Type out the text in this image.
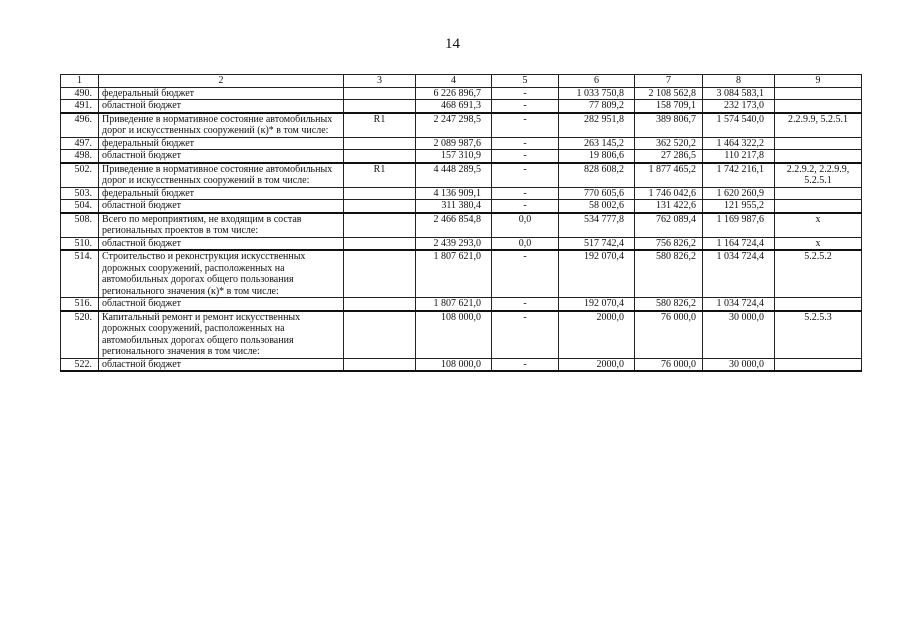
14
1	2	3	4	5	6	7	8	9
490.	федеральный бюджет		6 226 896,7	-	1 033 750,8	2 108 562,8	3 084 583,1	
491.	областной бюджет		468 691,3	-	77 809,2	158 709,1	232 173,0	
496.	Приведение в нормативное состояние автомобильных дорог и искусственных сооружений (к)* в том числе:	R1	2 247 298,5	-	282 951,8	389 806,7	1 574 540,0	2.2.9.9, 5.2.5.1
497.	федеральный бюджет		2 089 987,6	-	263 145,2	362 520,2	1 464 322,2	
498.	областной бюджет		157 310,9	-	19 806,6	27 286,5	110 217,8	
502.	Приведение в нормативное состояние автомобильных дорог и искусственных сооружений в том числе:	R1	4 448 289,5	-	828 608,2	1 877 465,2	1 742 216,1	2.2.9.2, 2.2.9.9, 5.2.5.1
503.	федеральный бюджет		4 136 909,1	-	770 605,6	1 746 042,6	1 620 260,9	
504.	областной бюджет		311 380,4	-	58 002,6	131 422,6	121 955,2	
508.	Всего по мероприятиям, не входящим в состав региональных проектов в том числе:		2 466 854,8	0,0	534 777,8	762 089,4	1 169 987,6	х
510.	областной бюджет		2 439 293,0	0,0	517 742,4	756 826,2	1 164 724,4	х
514.	Строительство и реконструкция искусственных дорожных сооружений, расположенных на автомобильных дорогах общего пользования регионального значения (к)* в том числе:		1 807 621,0	-	192 070,4	580 826,2	1 034 724,4	5.2.5.2
516.	областной бюджет		1 807 621,0	-	192 070,4	580 826,2	1 034 724,4	
520.	Капитальный ремонт и ремонт искусственных дорожных сооружений, расположенных на автомобильных дорогах общего пользования регионального значения в том числе:		108 000,0	-	2000,0	76 000,0	30 000,0	5.2.5.3
522.	областной бюджет		108 000,0	-	2000,0	76 000,0	30 000,0	
